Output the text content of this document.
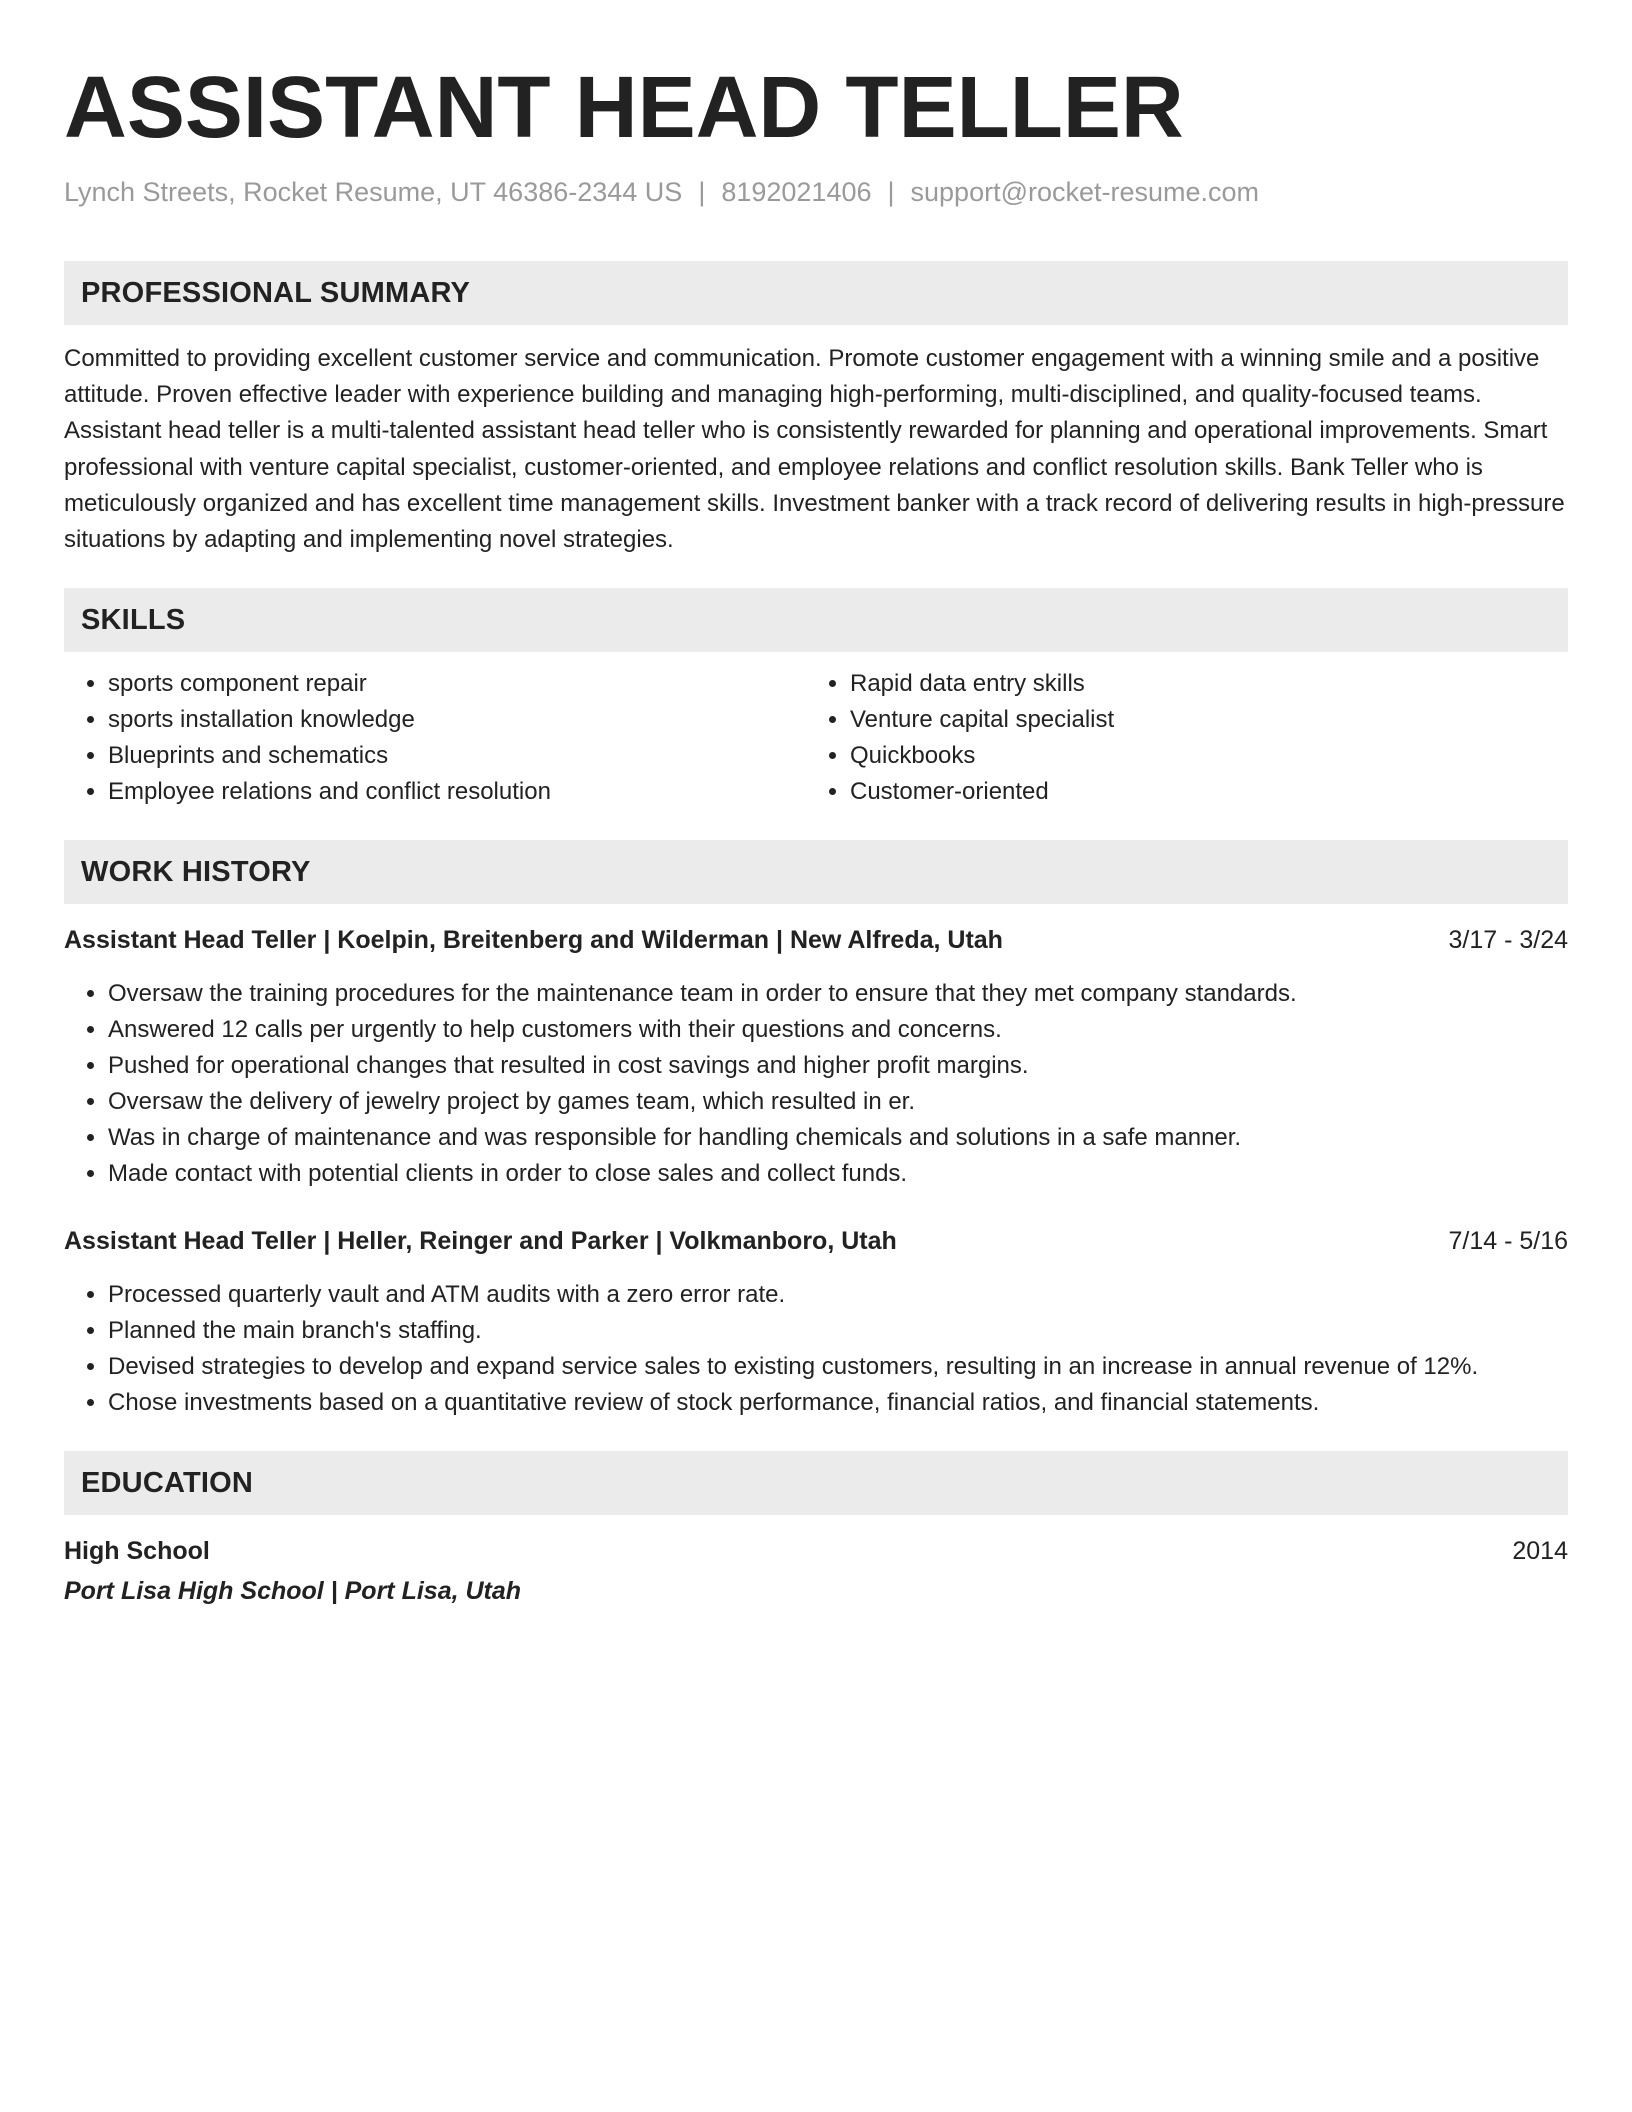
ASSISTANT HEAD TELLER
Lynch Streets, Rocket Resume, UT 46386-2344 US | 8192021406 | support@rocket-resume.com
PROFESSIONAL SUMMARY

Committed to providing excellent customer service and communication. Promote customer engagement with a winning smile and a positive attitude. Proven effective leader with experience building and managing high-performing, multi-disciplined, and quality-focused teams. Assistant head teller is a multi-talented assistant head teller who is consistently rewarded for planning and operational improvements. Smart professional with venture capital specialist, customer-oriented, and employee relations and conflict resolution skills. Bank Teller who is meticulously organized and has excellent time management skills. Investment banker with a track record of delivering results in high-pressure situations by adapting and implementing novel strategies.

SKILLS
• sports component repair
• sports installation knowledge
• Blueprints and schematics
• Employee relations and conflict resolution
• Rapid data entry skills
• Venture capital specialist
• Quickbooks
• Customer-oriented
WORK HISTORY
Assistant Head Teller | Koelpin, Breitenberg and Wilderman | New Alfreda, Utah	3/17 - 3/24
• Oversaw the training procedures for the maintenance team in order to ensure that they met company standards.
• Answered 12 calls per urgently to help customers with their questions and concerns.
• Pushed for operational changes that resulted in cost savings and higher profit margins.
• Oversaw the delivery of jewelry project by games team, which resulted in er.
• Was in charge of maintenance and was responsible for handling chemicals and solutions in a safe manner.
• Made contact with potential clients in order to close sales and collect funds.
Assistant Head Teller | Heller, Reinger and Parker | Volkmanboro, Utah	7/14 - 5/16
• Processed quarterly vault and ATM audits with a zero error rate.
• Planned the main branch's staffing.
• Devised strategies to develop and expand service sales to existing customers, resulting in an increase in annual revenue of 12%.
• Chose investments based on a quantitative review of stock performance, financial ratios, and financial statements.
EDUCATION
High School	2014
Port Lisa High School | Port Lisa, Utah
